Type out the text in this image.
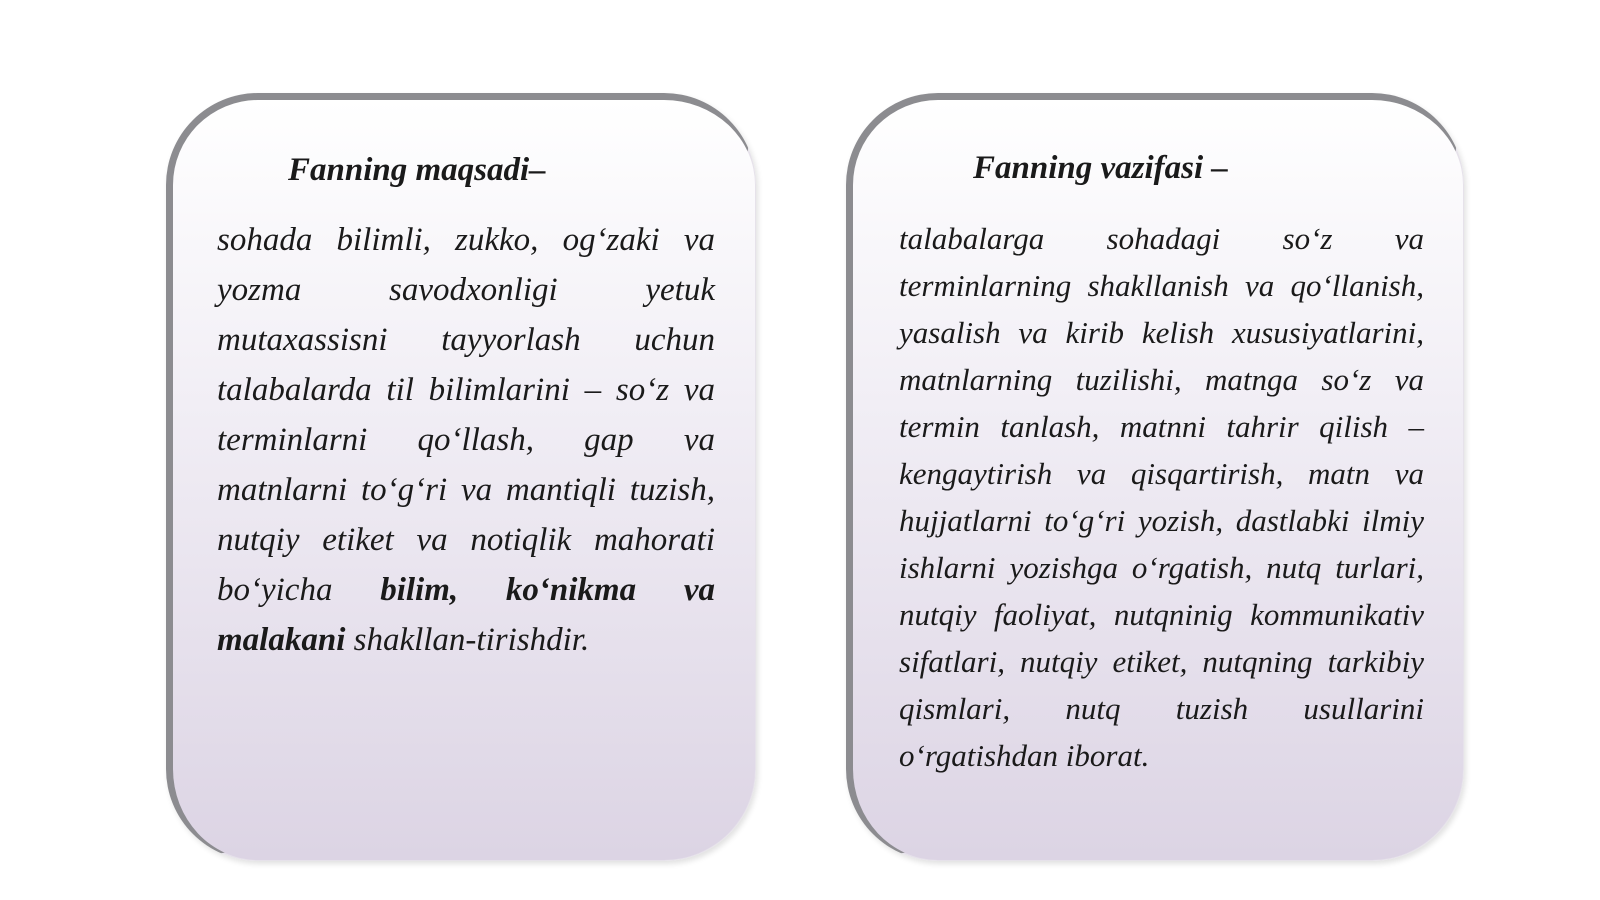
Fanning maqsadi–

sohada bilimli, zukko, og‘zaki va yozma savodxonligi yetuk mutaxassisni tayyorlash uchun talabalarda til bilimlarini – so‘z va terminlarni qo‘llash, gap va matnlarni to‘g‘ri va mantiqli tuzish, nutqiy etiket va notiqlik mahorati bo‘yicha bilim, ko‘nikma va malakani shakllan-tirishdir.

Fanning vazifasi –

talabalarga sohadagi so‘z va terminlarning shakllanish va qo‘llanish, yasalish va kirib kelish xususiyatlarini, matnlarning tuzilishi, matnga so‘z va termin tanlash, matnni tahrir qilish – kengaytirish va qisqartirish, matn va hujjatlarni to‘g‘ri yozish, dastlabki ilmiy ishlarni yozishga o‘rgatish, nutq turlari, nutqiy faoliyat, nutqninig kommunikativ sifatlari, nutqiy etiket, nutqning tarkibiy qismlari, nutq tuzish usullarini o‘rgatishdan iborat.
